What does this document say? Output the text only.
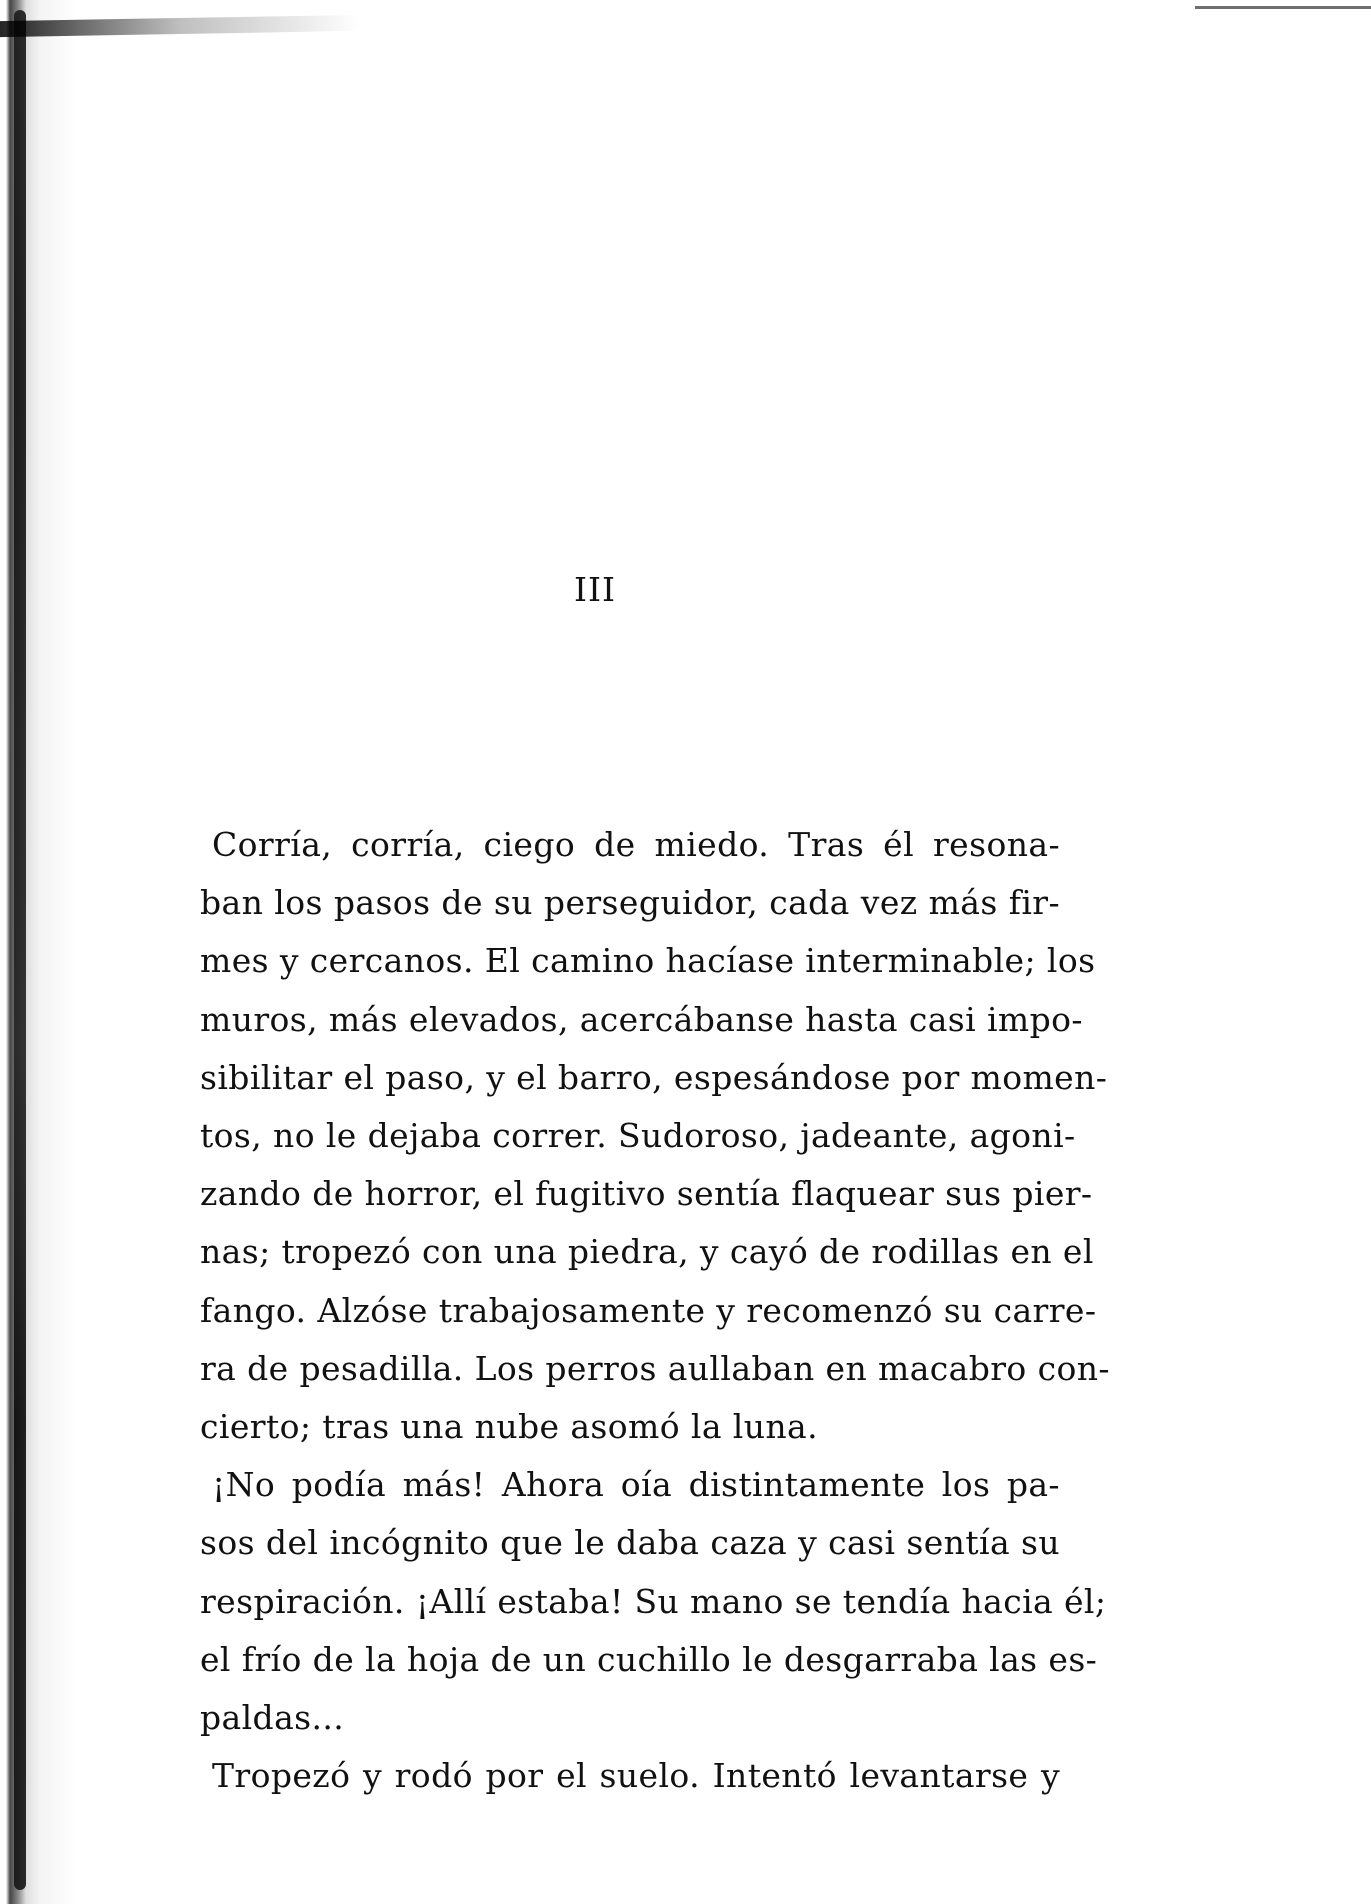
III
Corría, corría, ciego de miedo. Tras él resona-
ban los pasos de su perseguidor, cada vez más fir-
mes y cercanos. El camino hacíase interminable; los
muros, más elevados, acercábanse hasta casi impo-
sibilitar el paso, y el barro, espesándose por momen-
tos, no le dejaba correr. Sudoroso, jadeante, agoni-
zando de horror, el fugitivo sentía flaquear sus pier-
nas; tropezó con una piedra, y cayó de rodillas en el
fango. Alzóse trabajosamente y recomenzó su carre-
ra de pesadilla. Los perros aullaban en macabro con-
cierto; tras una nube asomó la luna.
¡No podía más! Ahora oía distintamente los pa-
sos del incógnito que le daba caza y casi sentía su
respiración. ¡Allí estaba! Su mano se tendía hacia él;
el frío de la hoja de un cuchillo le desgarraba las es-
paldas...
Tropezó y rodó por el suelo. Intentó levantarse y
